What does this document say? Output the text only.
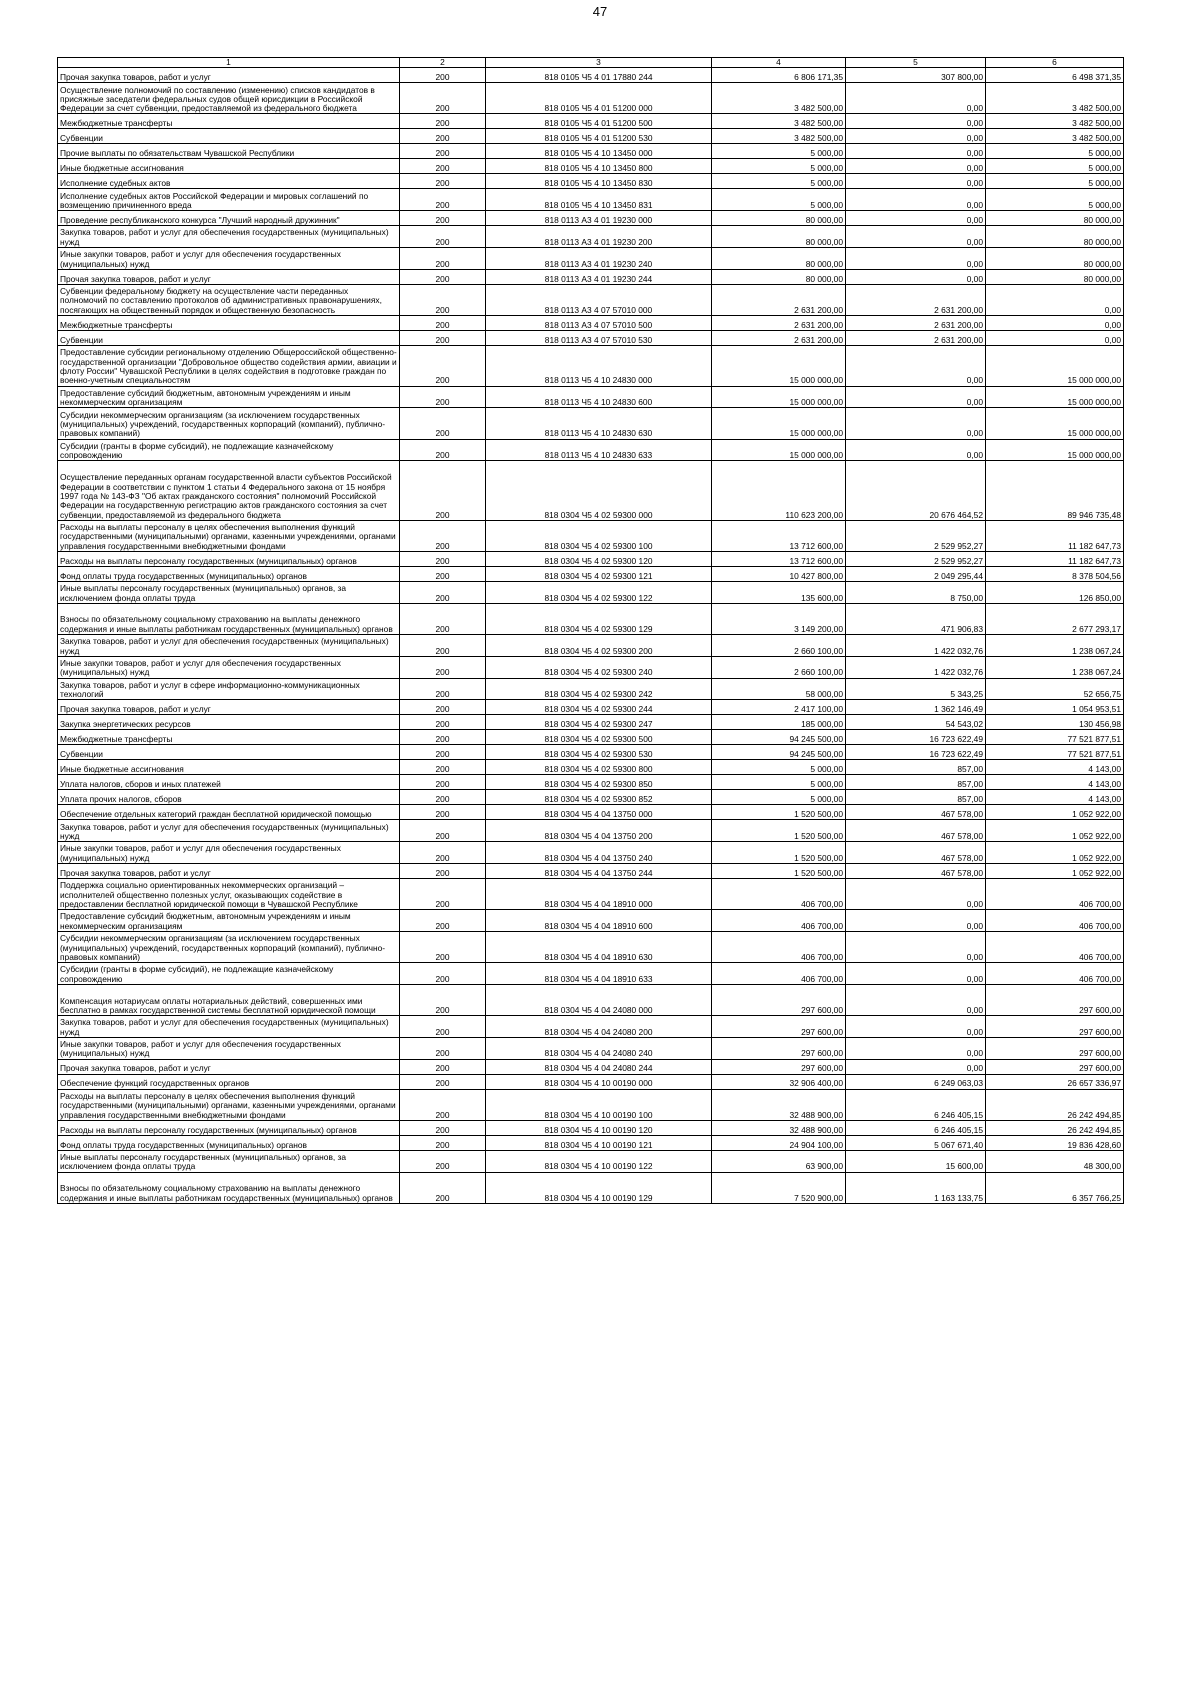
47
1	2	3	4	5	6
Прочая закупка товаров, работ и услуг	200	818 0105 Ч5 4 01 17880 244	6 806 171,35	307 800,00	6 498 371,35
Осуществление полномочий по составлению (изменению) списков кандидатов в присяжные заседатели федеральных судов общей юрисдикции в Российской Федерации за счет субвенции, предоставляемой из федерального бюджета	200	818 0105 Ч5 4 01 51200 000	3 482 500,00	0,00	3 482 500,00
Межбюджетные трансферты	200	818 0105 Ч5 4 01 51200 500	3 482 500,00	0,00	3 482 500,00
Субвенции	200	818 0105 Ч5 4 01 51200 530	3 482 500,00	0,00	3 482 500,00
Прочие выплаты по обязательствам Чувашской Республики	200	818 0105 Ч5 4 10 13450 000	5 000,00	0,00	5 000,00
Иные бюджетные ассигнования	200	818 0105 Ч5 4 10 13450 800	5 000,00	0,00	5 000,00
Исполнение судебных актов	200	818 0105 Ч5 4 10 13450 830	5 000,00	0,00	5 000,00
Исполнение судебных актов Российской Федерации и мировых соглашений по возмещению причиненного вреда	200	818 0105 Ч5 4 10 13450 831	5 000,00	0,00	5 000,00
Проведение республиканского конкурса "Лучший народный дружинник"	200	818 0113 А3 4 01 19230 000	80 000,00	0,00	80 000,00
Закупка товаров, работ и услуг для обеспечения государственных (муниципальных) нужд	200	818 0113 А3 4 01 19230 200	80 000,00	0,00	80 000,00
Иные закупки товаров, работ и услуг для обеспечения государственных (муниципальных) нужд	200	818 0113 А3 4 01 19230 240	80 000,00	0,00	80 000,00
Прочая закупка товаров, работ и услуг	200	818 0113 А3 4 01 19230 244	80 000,00	0,00	80 000,00
Субвенции федеральному бюджету на осуществление части переданных полномочий по составлению протоколов об административных правонарушениях, посягающих на общественный порядок и общественную безопасность	200	818 0113 А3 4 07 57010 000	2 631 200,00	2 631 200,00	0,00
Межбюджетные трансферты	200	818 0113 А3 4 07 57010 500	2 631 200,00	2 631 200,00	0,00
Субвенции	200	818 0113 А3 4 07 57010 530	2 631 200,00	2 631 200,00	0,00
Предоставление субсидии региональному отделению Общероссийской общественно-государственной организации "Добровольное общество содействия армии, авиации и флоту России" Чувашской Республики в целях содействия в подготовке граждан по военно-учетным специальностям	200	818 0113 Ч5 4 10 24830 000	15 000 000,00	0,00	15 000 000,00
Предоставление субсидий бюджетным, автономным учреждениям и иным некоммерческим организациям	200	818 0113 Ч5 4 10 24830 600	15 000 000,00	0,00	15 000 000,00
Субсидии некоммерческим организациям (за исключением государственных (муниципальных) учреждений, государственных корпораций (компаний), публично-правовых компаний)	200	818 0113 Ч5 4 10 24830 630	15 000 000,00	0,00	15 000 000,00
Субсидии (гранты в форме субсидий), не подлежащие казначейскому сопровождению	200	818 0113 Ч5 4 10 24830 633	15 000 000,00	0,00	15 000 000,00
Осуществление переданных органам государственной власти субъектов Российской Федерации в соответствии с пунктом 1 статьи 4 Федерального закона от 15 ноября 1997 года № 143-ФЗ "Об актах гражданского состояния" полномочий Российской Федерации на государственную регистрацию актов гражданского состояния за счет субвенции, предоставляемой из федерального бюджета	200	818 0304 Ч5 4 02 59300 000	110 623 200,00	20 676 464,52	89 946 735,48
Расходы на выплаты персоналу в целях обеспечения выполнения функций государственными (муниципальными) органами, казенными учреждениями, органами управления государственными внебюджетными фондами	200	818 0304 Ч5 4 02 59300 100	13 712 600,00	2 529 952,27	11 182 647,73
Расходы на выплаты персоналу государственных (муниципальных) органов	200	818 0304 Ч5 4 02 59300 120	13 712 600,00	2 529 952,27	11 182 647,73
Фонд оплаты труда государственных (муниципальных) органов	200	818 0304 Ч5 4 02 59300 121	10 427 800,00	2 049 295,44	8 378 504,56
Иные выплаты персоналу государственных (муниципальных) органов, за исключением фонда оплаты труда	200	818 0304 Ч5 4 02 59300 122	135 600,00	8 750,00	126 850,00
Взносы по обязательному социальному страхованию на выплаты денежного содержания и иные выплаты работникам государственных (муниципальных) органов	200	818 0304 Ч5 4 02 59300 129	3 149 200,00	471 906,83	2 677 293,17
Закупка товаров, работ и услуг для обеспечения государственных (муниципальных) нужд	200	818 0304 Ч5 4 02 59300 200	2 660 100,00	1 422 032,76	1 238 067,24
Иные закупки товаров, работ и услуг для обеспечения государственных (муниципальных) нужд	200	818 0304 Ч5 4 02 59300 240	2 660 100,00	1 422 032,76	1 238 067,24
Закупка товаров, работ и услуг в сфере информационно-коммуникационных технологий	200	818 0304 Ч5 4 02 59300 242	58 000,00	5 343,25	52 656,75
Прочая закупка товаров, работ и услуг	200	818 0304 Ч5 4 02 59300 244	2 417 100,00	1 362 146,49	1 054 953,51
Закупка энергетических ресурсов	200	818 0304 Ч5 4 02 59300 247	185 000,00	54 543,02	130 456,98
Межбюджетные трансферты	200	818 0304 Ч5 4 02 59300 500	94 245 500,00	16 723 622,49	77 521 877,51
Субвенции	200	818 0304 Ч5 4 02 59300 530	94 245 500,00	16 723 622,49	77 521 877,51
Иные бюджетные ассигнования	200	818 0304 Ч5 4 02 59300 800	5 000,00	857,00	4 143,00
Уплата налогов, сборов и иных платежей	200	818 0304 Ч5 4 02 59300 850	5 000,00	857,00	4 143,00
Уплата прочих налогов, сборов	200	818 0304 Ч5 4 02 59300 852	5 000,00	857,00	4 143,00
Обеспечение отдельных категорий граждан бесплатной юридической помощью	200	818 0304 Ч5 4 04 13750 000	1 520 500,00	467 578,00	1 052 922,00
Закупка товаров, работ и услуг для обеспечения государственных (муниципальных) нужд	200	818 0304 Ч5 4 04 13750 200	1 520 500,00	467 578,00	1 052 922,00
Иные закупки товаров, работ и услуг для обеспечения государственных (муниципальных) нужд	200	818 0304 Ч5 4 04 13750 240	1 520 500,00	467 578,00	1 052 922,00
Прочая закупка товаров, работ и услуг	200	818 0304 Ч5 4 04 13750 244	1 520 500,00	467 578,00	1 052 922,00
Поддержка социально ориентированных некоммерческих организаций – исполнителей общественно полезных услуг, оказывающих содействие в предоставлении бесплатной юридической помощи в Чувашской Республике	200	818 0304 Ч5 4 04 18910 000	406 700,00	0,00	406 700,00
Предоставление субсидий бюджетным, автономным учреждениям и иным некоммерческим организациям	200	818 0304 Ч5 4 04 18910 600	406 700,00	0,00	406 700,00
Субсидии некоммерческим организациям (за исключением государственных (муниципальных) учреждений, государственных корпораций (компаний), публично-правовых компаний)	200	818 0304 Ч5 4 04 18910 630	406 700,00	0,00	406 700,00
Субсидии (гранты в форме субсидий), не подлежащие казначейскому сопровождению	200	818 0304 Ч5 4 04 18910 633	406 700,00	0,00	406 700,00
Компенсация нотариусам оплаты нотариальных действий, совершенных ими бесплатно в рамках государственной системы бесплатной юридической помощи	200	818 0304 Ч5 4 04 24080 000	297 600,00	0,00	297 600,00
Закупка товаров, работ и услуг для обеспечения государственных (муниципальных) нужд	200	818 0304 Ч5 4 04 24080 200	297 600,00	0,00	297 600,00
Иные закупки товаров, работ и услуг для обеспечения государственных (муниципальных) нужд	200	818 0304 Ч5 4 04 24080 240	297 600,00	0,00	297 600,00
Прочая закупка товаров, работ и услуг	200	818 0304 Ч5 4 04 24080 244	297 600,00	0,00	297 600,00
Обеспечение функций государственных органов	200	818 0304 Ч5 4 10 00190 000	32 906 400,00	6 249 063,03	26 657 336,97
Расходы на выплаты персоналу в целях обеспечения выполнения функций государственными (муниципальными) органами, казенными учреждениями, органами управления государственными внебюджетными фондами	200	818 0304 Ч5 4 10 00190 100	32 488 900,00	6 246 405,15	26 242 494,85
Расходы на выплаты персоналу государственных (муниципальных) органов	200	818 0304 Ч5 4 10 00190 120	32 488 900,00	6 246 405,15	26 242 494,85
Фонд оплаты труда государственных (муниципальных) органов	200	818 0304 Ч5 4 10 00190 121	24 904 100,00	5 067 671,40	19 836 428,60
Иные выплаты персоналу государственных (муниципальных) органов, за исключением фонда оплаты труда	200	818 0304 Ч5 4 10 00190 122	63 900,00	15 600,00	48 300,00
Взносы по обязательному социальному страхованию на выплаты денежного содержания и иные выплаты работникам государственных (муниципальных) органов	200	818 0304 Ч5 4 10 00190 129	7 520 900,00	1 163 133,75	6 357 766,25
